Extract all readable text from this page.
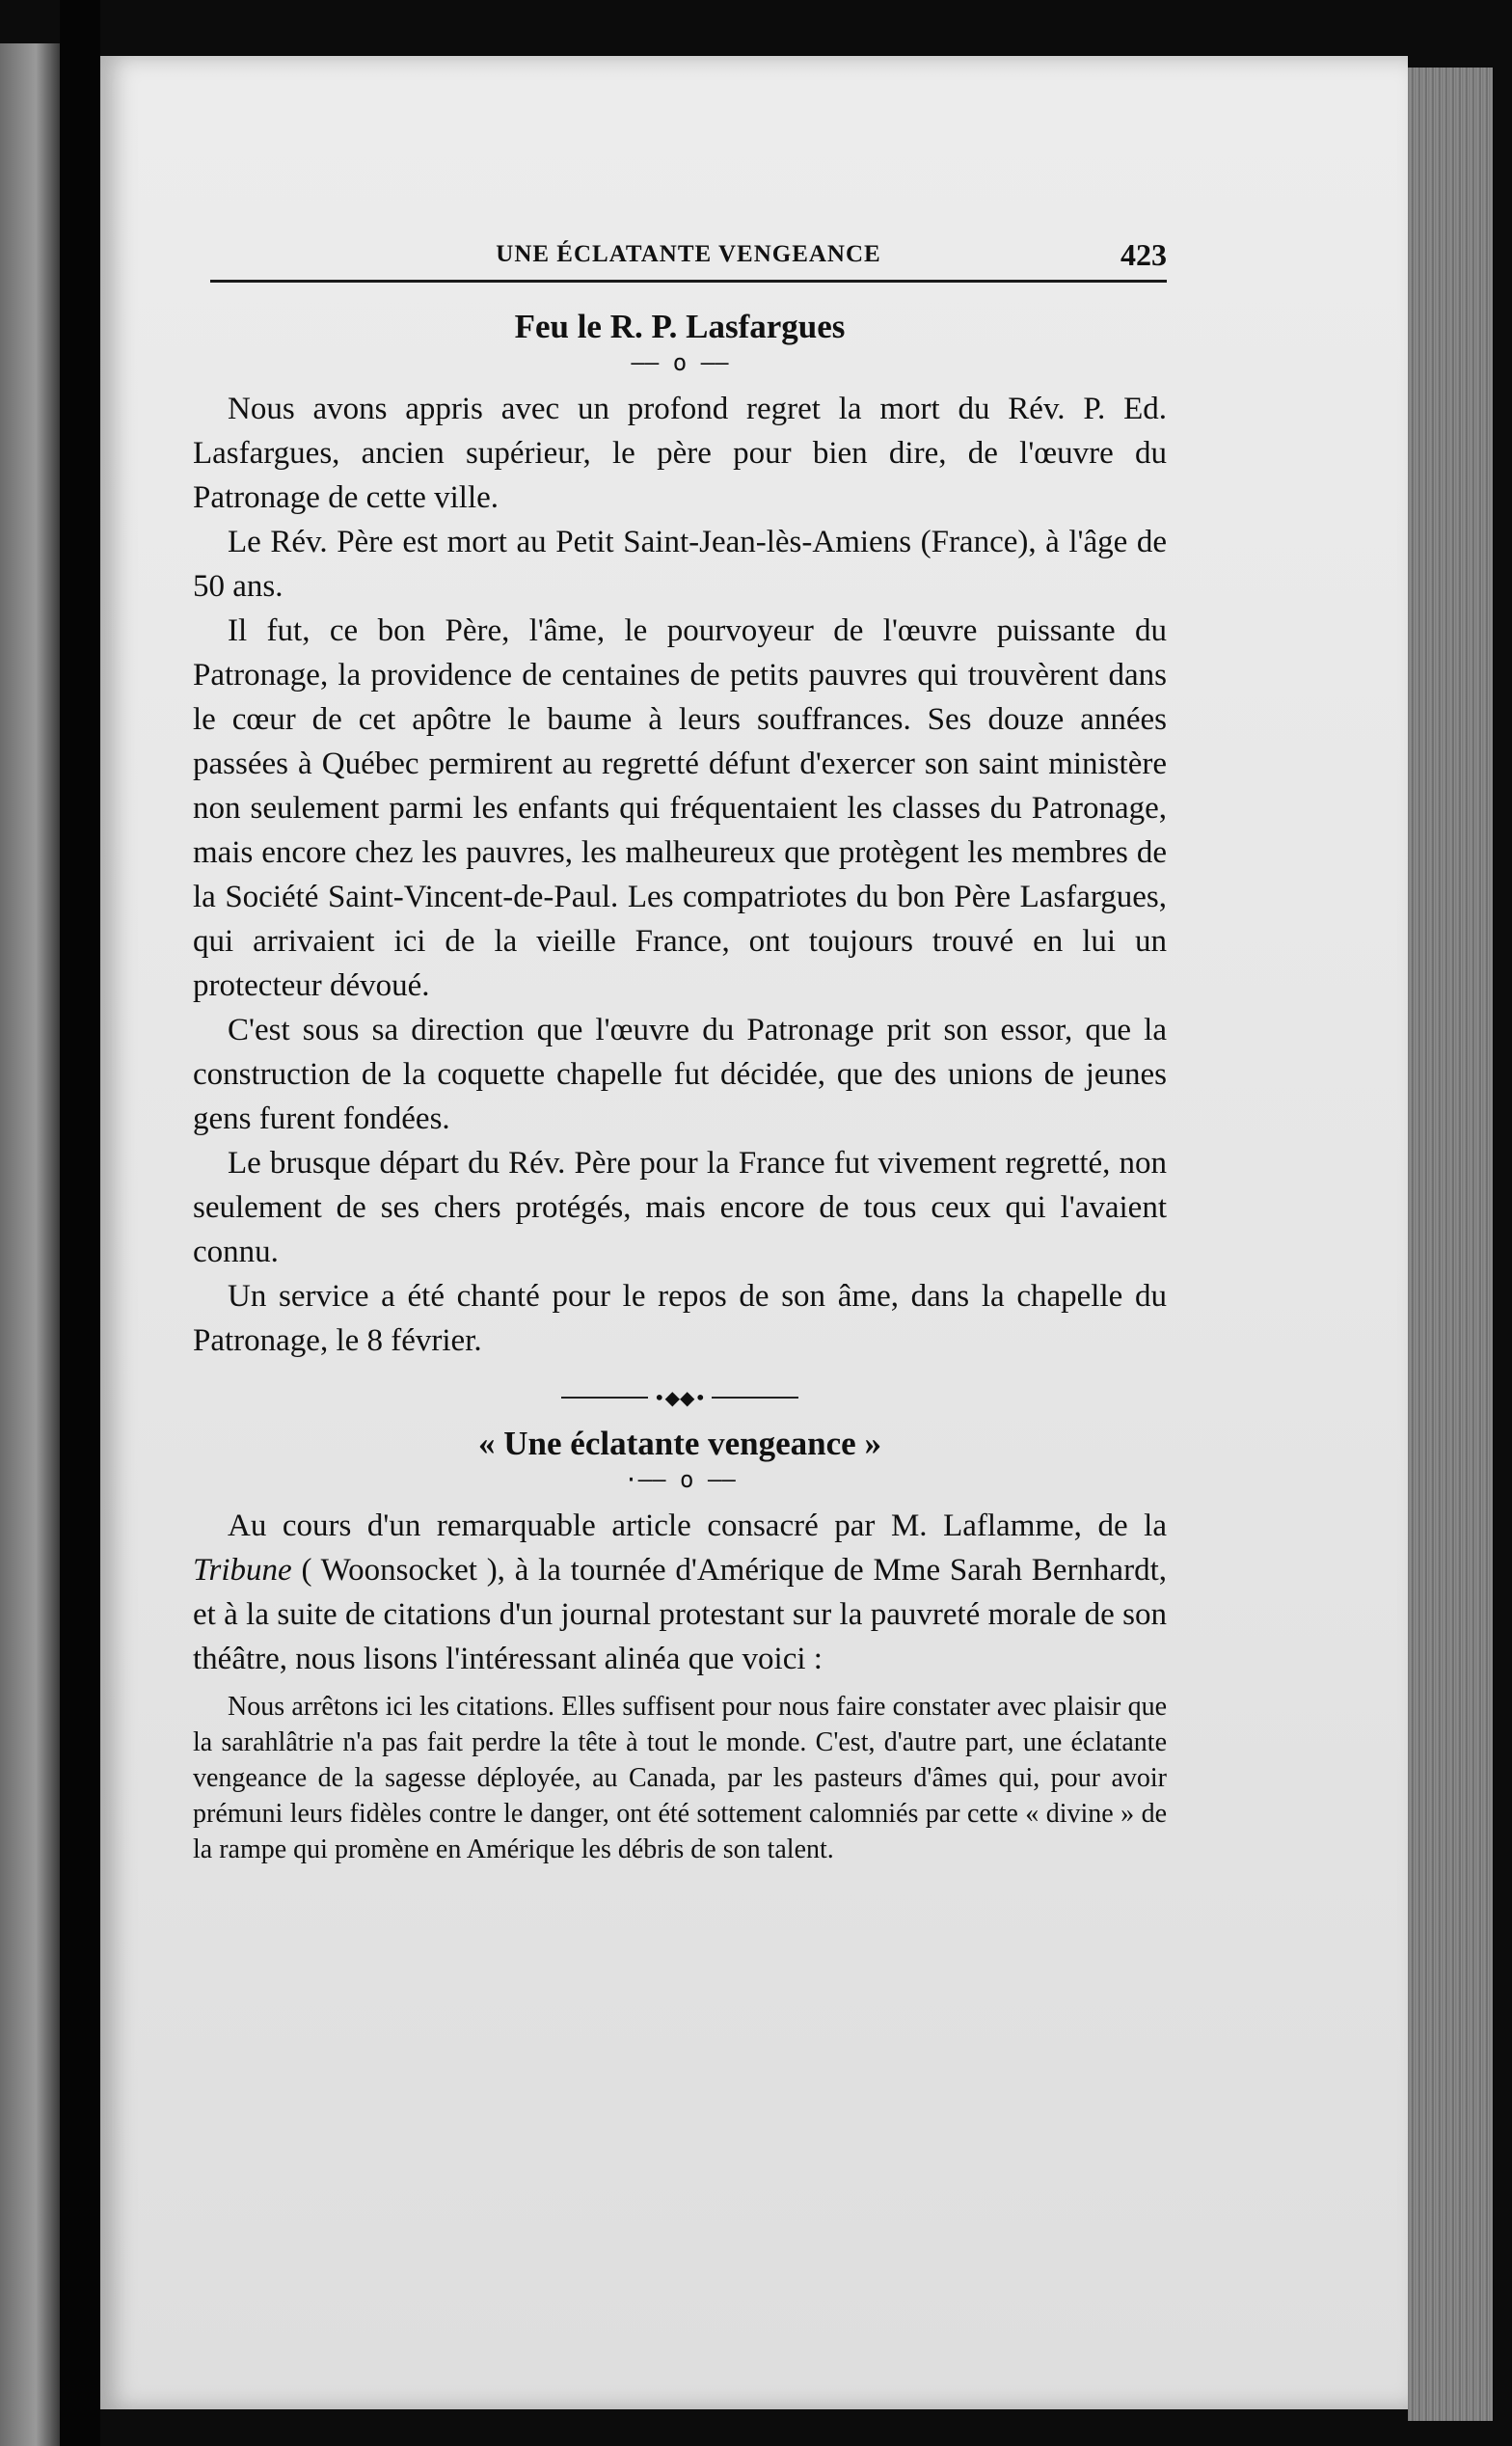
UNE ÉCLATANTE VENGEANCE	423
Feu le R. P. Lasfargues
—— o ——

Nous avons appris avec un profond regret la mort du Rév. P. Ed. Lasfargues, ancien supérieur, le père pour bien dire, de l'œuvre du Patronage de cette ville.

Le Rév. Père est mort au Petit Saint-Jean-lès-Amiens (France), à l'âge de 50 ans.

Il fut, ce bon Père, l'âme, le pourvoyeur de l'œuvre puissante du Patronage, la providence de centaines de petits pauvres qui trouvèrent dans le cœur de cet apôtre le baume à leurs souffrances. Ses douze années passées à Québec permirent au regretté défunt d'exercer son saint ministère non seulement parmi les enfants qui fréquentaient les classes du Patronage, mais encore chez les pauvres, les malheureux que protègent les membres de la Société Saint-Vincent-de-Paul. Les compatriotes du bon Père Lasfargues, qui arrivaient ici de la vieille France, ont toujours trouvé en lui un protecteur dévoué.

C'est sous sa direction que l'œuvre du Patronage prit son essor, que la construction de la coquette chapelle fut décidée, que des unions de jeunes gens furent fondées.

Le brusque départ du Rév. Père pour la France fut vivement regretté, non seulement de ses chers protégés, mais encore de tous ceux qui l'avaient connu.

Un service a été chanté pour le repos de son âme, dans la chapelle du Patronage, le 8 février.

•◆◆•
« Une éclatante vengeance »
·—— o ——

Au cours d'un remarquable article consacré par M. Laflamme, de la Tribune ( Woonsocket ), à la tournée d'Amérique de Mme Sarah Bernhardt, et à la suite de citations d'un journal protestant sur la pauvreté morale de son théâtre, nous lisons l'intéressant alinéa que voici :

Nous arrêtons ici les citations. Elles suffisent pour nous faire constater avec plaisir que la sarahlâtrie n'a pas fait perdre la tête à tout le monde. C'est, d'autre part, une éclatante vengeance de la sagesse déployée, au Canada, par les pasteurs d'âmes qui, pour avoir prémuni leurs fidèles contre le danger, ont été sottement calomniés par cette « divine » de la rampe qui promène en Amérique les débris de son talent.
